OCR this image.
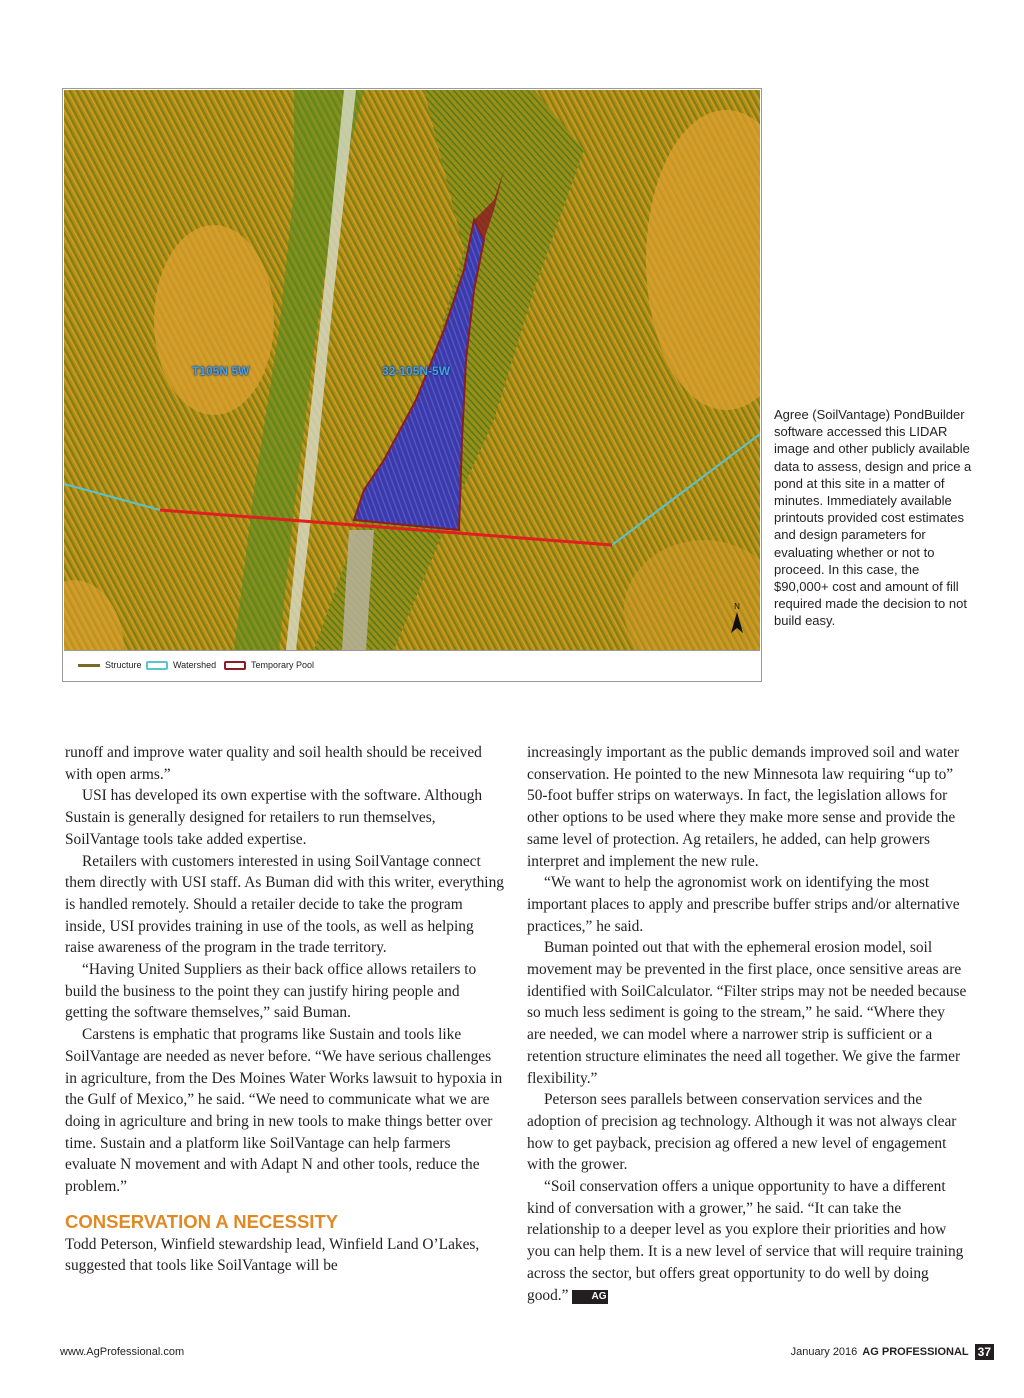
T105N 5W	32-105N-5W
N
Structure	Watershed	Temporary Pool
Agree (SoilVantage) PondBuilder software accessed this LIDAR image and other publicly available data to assess, design and price a pond at this site in a matter of minutes. Immediately available printouts provided cost estimates and design parameters for evaluating whether or not to proceed. In this case, the $90,000+ cost and amount of fill required made the decision to not build easy.

runoff and improve water quality and soil health should be received with open arms.”

USI has developed its own expertise with the software. Although Sustain is generally designed for retailers to run themselves, SoilVantage tools take added expertise.

Retailers with customers interested in using SoilVantage connect them directly with USI staff. As Buman did with this writer, everything is handled remotely. Should a retailer decide to take the program inside, USI provides training in use of the tools, as well as helping raise awareness of the program in the trade territory.

“Having United Suppliers as their back office allows retailers to build the business to the point they can justify hiring people and getting the software themselves,” said Buman.

Carstens is emphatic that programs like Sustain and tools like SoilVantage are needed as never before. “We have serious challenges in agriculture, from the Des Moines Water Works lawsuit to hypoxia in the Gulf of Mexico,” he said. “We need to communicate what we are doing in agriculture and bring in new tools to make things better over time. Sustain and a platform like SoilVantage can help farmers evaluate N movement and with Adapt N and other tools, reduce the problem.”

CONSERVATION A NECESSITY

Todd Peterson, Winfield stewardship lead, Winfield Land O’Lakes, suggested that tools like SoilVantage will be

increasingly important as the public demands improved soil and water conservation. He pointed to the new Minnesota law requiring “up to” 50-foot buffer strips on waterways. In fact, the legislation allows for other options to be used where they make more sense and provide the same level of protection. Ag retailers, he added, can help growers interpret and implement the new rule.

“We want to help the agronomist work on identifying the most important places to apply and prescribe buffer strips and/or alternative practices,” he said.

Buman pointed out that with the ephemeral erosion model, soil movement may be prevented in the first place, once sensitive areas are identified with SoilCalculator. “Filter strips may not be needed because so much less sediment is going to the stream,” he said. “Where they are needed, we can model where a narrower strip is sufficient or a retention structure eliminates the need all together. We give the farmer flexibility.”

Peterson sees parallels between conservation services and the adoption of precision ag technology. Although it was not always clear how to get payback, precision ag offered a new level of engagement with the grower.

“Soil conservation offers a unique opportunity to have a different kind of conversation with a grower,” he said. “It can take the relationship to a deeper level as you explore their priorities and how you can help them. It is a new level of service that will require training across the sector, but offers great opportunity to do well by doing good.” AG

www.AgProfessional.com	January 2016 AG PROFESSIONAL 37
